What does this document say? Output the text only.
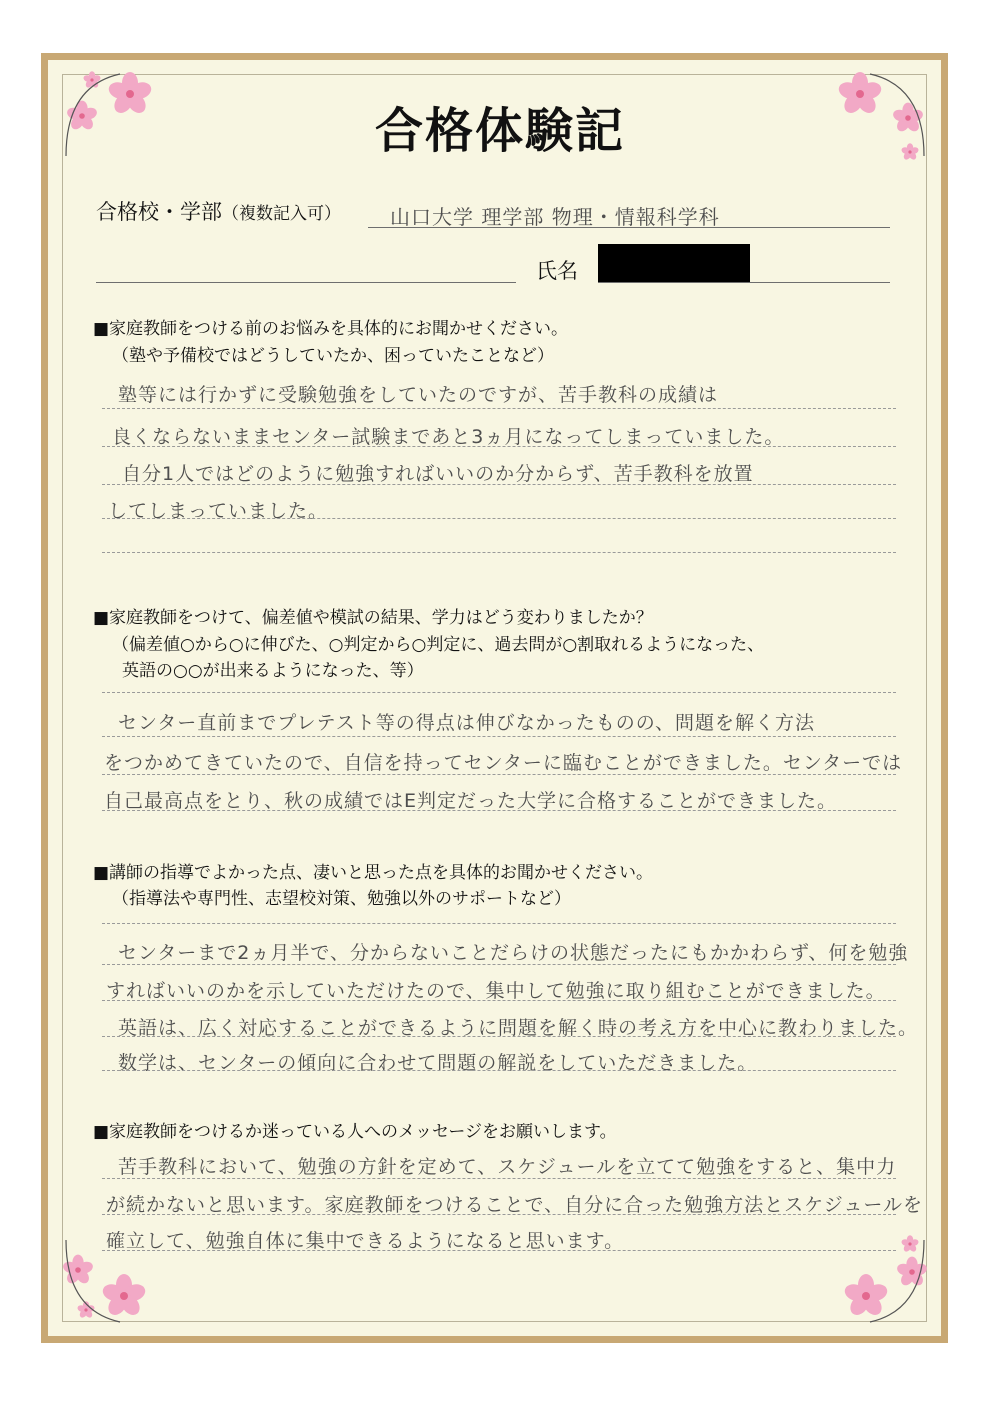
合格体験記
合格校・学部（複数記入可） 山口大学 理学部 物理・情報科学科
氏名
■家庭教師をつける前のお悩みを具体的にお聞かせください。
（塾や予備校ではどうしていたか、困っていたことなど）
塾等には行かずに受験勉強をしていたのですが、苦手教科の成績は
良くならないままセンター試験まであと3ヵ月になってしまっていました。
自分1人ではどのように勉強すればいいのか分からず、苦手教科を放置
してしまっていました。
■家庭教師をつけて、偏差値や模試の結果、学力はどう変わりましたか？
（偏差値○から○に伸びた、○判定から○判定に、過去問が○割取れるようになった、
英語の○○が出来るようになった、等）
センター直前までプレテスト等の得点は伸びなかったものの、問題を解く方法
をつかめてきていたので、自信を持ってセンターに臨むことができました。センターでは
自己最高点をとり、秋の成績ではE判定だった大学に合格することができました。
■講師の指導でよかった点、凄いと思った点を具体的お聞かせください。
（指導法や専門性、志望校対策、勉強以外のサポートなど）
センターまで2ヵ月半で、分からないことだらけの状態だったにもかかわらず、何を勉強
すればいいのかを示していただけたので、集中して勉強に取り組むことができました。
英語は、広く対応することができるように問題を解く時の考え方を中心に教わりました。
数学は、センターの傾向に合わせて問題の解説をしていただきました。
■家庭教師をつけるか迷っている人へのメッセージをお願いします。
苦手教科において、勉強の方針を定めて、スケジュールを立てて勉強をすると、集中力
が続かないと思います。家庭教師をつけることで、自分に合った勉強方法とスケジュールを
確立して、勉強自体に集中できるようになると思います。
